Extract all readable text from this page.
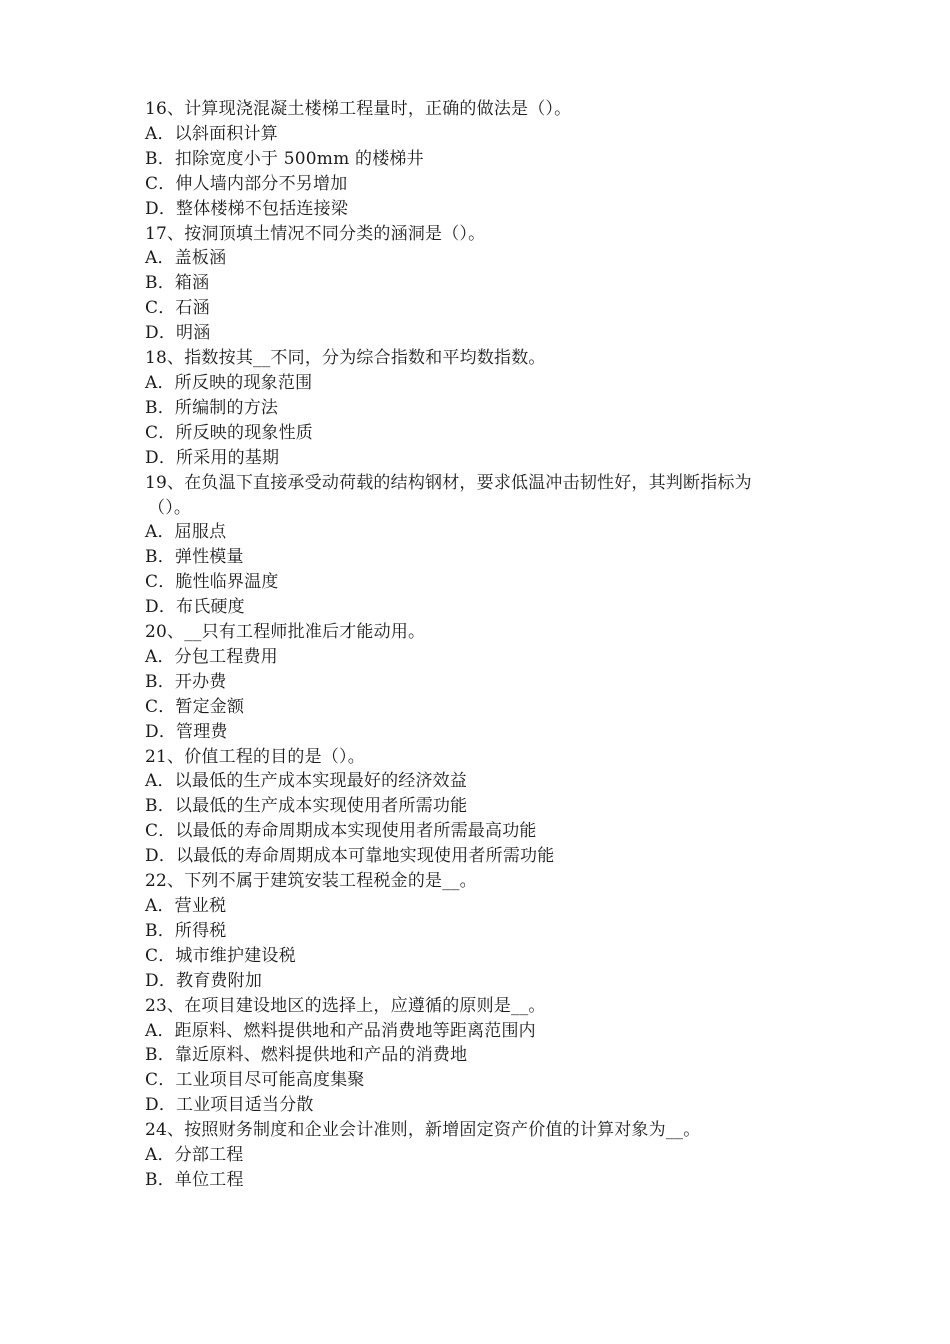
16、计算现浇混凝土楼梯工程量时，正确的做法是（）。
A．以斜面积计算
B．扣除宽度小于 500mm 的楼梯井
C．伸人墙内部分不另增加
D．整体楼梯不包括连接梁
17、按洞顶填土情况不同分类的涵洞是（）。
A．盖板涵
B．箱涵
C．石涵
D．明涵
18、指数按其__不同，分为综合指数和平均数指数。
A．所反映的现象范围
B．所编制的方法
C．所反映的现象性质
D．所采用的基期
19、在负温下直接承受动荷载的结构钢材，要求低温冲击韧性好，其判断指标为
（）。
A．屈服点
B．弹性模量
C．脆性临界温度
D．布氏硬度
20、__只有工程师批准后才能动用。
A．分包工程费用
B．开办费
C．暂定金额
D．管理费
21、价值工程的目的是（）。
A．以最低的生产成本实现最好的经济效益
B．以最低的生产成本实现使用者所需功能
C．以最低的寿命周期成本实现使用者所需最高功能
D．以最低的寿命周期成本可靠地实现使用者所需功能
22、下列不属于建筑安装工程税金的是__。
A．营业税
B．所得税
C．城市维护建设税
D．教育费附加
23、在项目建设地区的选择上，应遵循的原则是__。
A．距原料、燃料提供地和产品消费地等距离范围内
B．靠近原料、燃料提供地和产品的消费地
C．工业项目尽可能高度集聚
D．工业项目适当分散
24、按照财务制度和企业会计准则，新增固定资产价值的计算对象为__。
A．分部工程
B．单位工程
